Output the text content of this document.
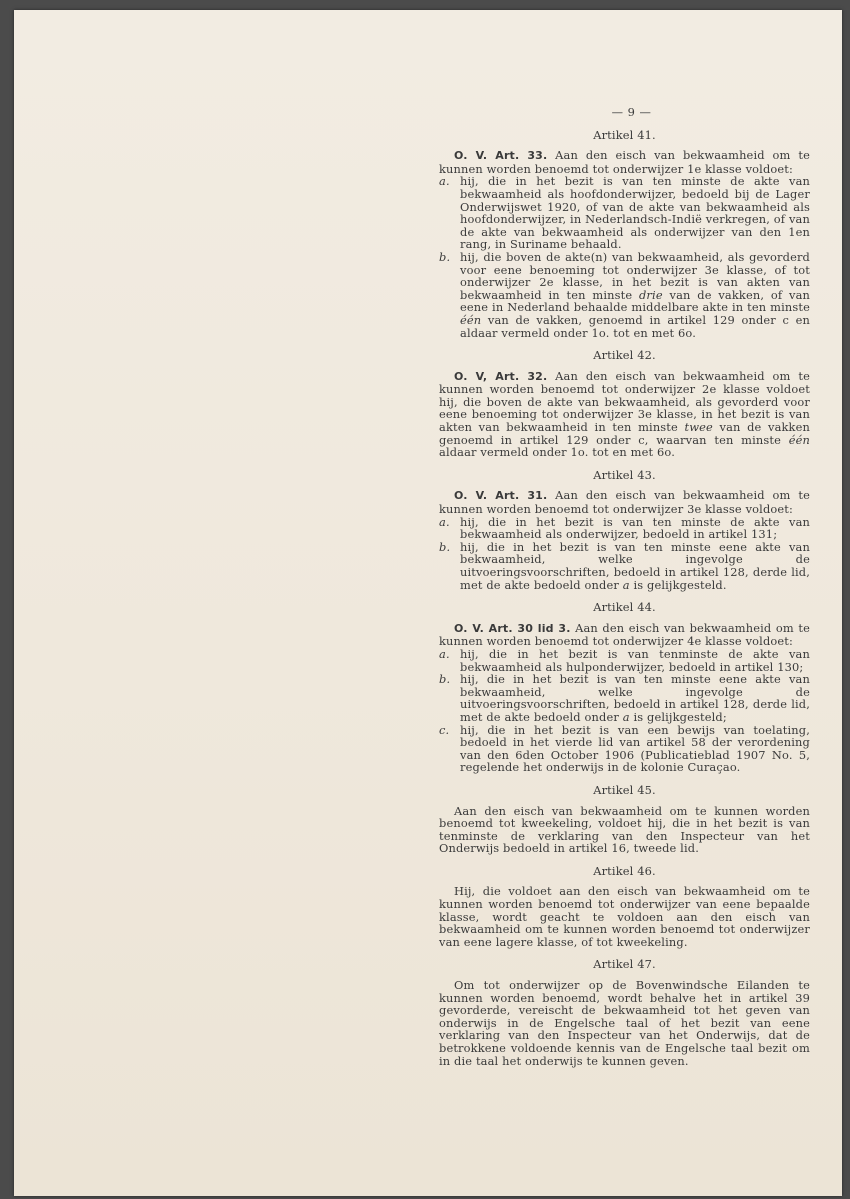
— 9 —
Artikel 41.

O. V. Art. 33. Aan den eisch van bekwaamheid om te kunnen worden benoemd tot onderwijzer 1e klasse voldoet:

a. hij, die in het bezit is van ten minste de akte van bekwaamheid als hoofdonderwijzer, bedoeld bij de Lager Onderwijswet 1920, of van de akte van bekwaamheid als hoofdonderwijzer, in Nederlandsch-Indië verkregen, of van de akte van bekwaamheid als onderwijzer van den 1en rang, in Suriname behaald.
b. hij, die boven de akte(n) van bekwaamheid, als gevorderd voor eene benoeming tot onderwijzer 3e klasse, of tot onderwijzer 2e klasse, in het bezit is van akten van bekwaamheid in ten minste drie van de vakken, of van eene in Nederland behaalde middelbare akte in ten minste één van de vakken, genoemd in artikel 129 onder c en aldaar vermeld onder 1o. tot en met 6o.
Artikel 42.

O. V, Art. 32. Aan den eisch van bekwaamheid om te kunnen worden benoemd tot onderwijzer 2e klasse voldoet hij, die boven de akte van bekwaamheid, als gevorderd voor eene benoeming tot onderwijzer 3e klasse, in het bezit is van akten van bekwaamheid in ten minste twee van de vakken genoemd in artikel 129 onder c, waarvan ten minste één aldaar vermeld onder 1o. tot en met 6o.

Artikel 43.

O. V. Art. 31. Aan den eisch van bekwaamheid om te kunnen worden benoemd tot onderwijzer 3e klasse voldoet:

a. hij, die in het bezit is van ten minste de akte van bekwaamheid als onderwijzer, bedoeld in artikel 131;
b. hij, die in het bezit is van ten minste eene akte van bekwaamheid, welke ingevolge de uitvoeringsvoorschriften, bedoeld in artikel 128, derde lid, met de akte bedoeld onder a is gelijkgesteld.
Artikel 44.

O. V. Art. 30 lid 3. Aan den eisch van bekwaamheid om te kunnen worden benoemd tot onderwijzer 4e klasse voldoet:

a. hij, die in het bezit is van tenminste de akte van bekwaamheid als hulponderwijzer, bedoeld in artikel 130;
b. hij, die in het bezit is van ten minste eene akte van bekwaamheid, welke ingevolge de uitvoeringsvoorschriften, bedoeld in artikel 128, derde lid, met de akte bedoeld onder a is gelijkgesteld;
c. hij, die in het bezit is van een bewijs van toelating, bedoeld in het vierde lid van artikel 58 der verordening van den 6den October 1906 (Publicatieblad 1907 No. 5, regelende het onderwijs in de kolonie Curaçao.
Artikel 45.

Aan den eisch van bekwaamheid om te kunnen worden benoemd tot kweekeling, voldoet hij, die in het bezit is van tenminste de verklaring van den Inspecteur van het Onderwijs bedoeld in artikel 16, tweede lid.

Artikel 46.

Hij, die voldoet aan den eisch van bekwaamheid om te kunnen worden benoemd tot onderwijzer van eene bepaalde klasse, wordt geacht te voldoen aan den eisch van bekwaamheid om te kunnen worden benoemd tot onderwijzer van eene lagere klasse, of tot kweekeling.

Artikel 47.

Om tot onderwijzer op de Bovenwindsche Eilanden te kunnen worden benoemd, wordt behalve het in artikel 39 gevorderde, vereischt de bekwaamheid tot het geven van onderwijs in de Engelsche taal of het bezit van eene verklaring van den Inspecteur van het Onderwijs, dat de betrokkene voldoende kennis van de Engelsche taal bezit om in die taal het onderwijs te kunnen geven.
